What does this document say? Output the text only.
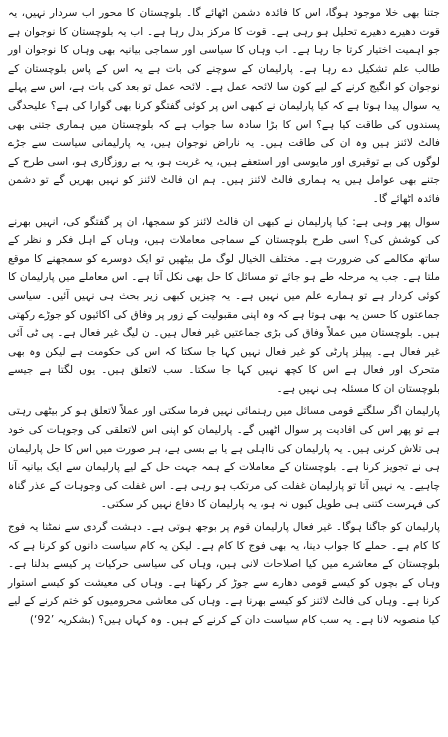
جتنا بھی خلا موجود ہوگا، اس کا فائدہ دشمن اٹھائے گا۔ بلوچستان کا محور اب سردار نہیں، یہ قوت دھیرے دھیرے تحلیل ہو رہی ہے۔ قوت کا مرکز بدل رہا ہے۔ اب یہ بلوچستان کا نوجوان ہے جو اہمیت اختیار کرتا جا رہا ہے۔ اب وہاں کا سیاسی اور سماجی بیانیہ بھی وہاں کا نوجوان اور طالب علم تشکیل دے رہا ہے۔ پارلیمان کے سوچنے کی بات ہے یہ اس کے پاس بلوچستان کے نوجوان کو انگیج کرنے کے لیے کون سا لائحہ عمل ہے۔ لائحہ عمل تو بعد کی بات ہے، اس سے پہلے یہ سوال پیدا ہوتا ہے کہ کیا پارلیمان نے کبھی اس پر کوئی گفتگو کرنا بھی گوارا کی ہے؟ علیحدگی پسندوں کی طاقت کیا ہے؟ اس کا بڑا سادہ سا جواب ہے کہ بلوچستان میں ہماری جتنی بھی فالٹ لائنز ہیں وہ ان کی طاقت ہیں۔ یہ ناراض نوجوان ہیں، یہ پارلیمانی سیاست سے جڑے لوگوں کی بے توقیری اور مایوسی اور استعفے ہیں، یہ غربت ہو، یہ بے روزگاری ہو، اسی طرح کے جتنے بھی عوامل ہیں یہ ہماری فالٹ لائنز ہیں۔ ہم ان فالٹ لائنز کو نہیں بھریں گے تو دشمن فائدہ اٹھائے گا۔

سوال پھر وہی ہے: کیا پارلیمان نے کبھی ان فالٹ لائنز کو سمجھا، ان پر گفتگو کی، انہیں بھرنے کی کوشش کی؟ اسی طرح بلوچستان کے سماجی معاملات ہیں، وہاں کے اہل فکر و نظر کے ساتھ مکالمے کی ضرورت ہے۔ مختلف الخیال لوگ مل بیٹھیں تو ایک دوسرے کو سمجھنے کا موقع ملتا ہے۔ جب یہ مرحلہ طے ہو جائے تو مسائل کا حل بھی نکل آتا ہے۔ اس معاملے میں پارلیمان کا کوئی کردار ہے تو ہمارے علم میں نہیں ہے۔ یہ چیزیں کبھی زیر بحث ہی نہیں آئیں۔ سیاسی جماعتوں کا حسن یہ بھی ہوتا ہے کہ وہ اپنی مقبولیت کے زور پر وفاق کی اکائیوں کو جوڑے رکھتی ہیں۔ بلوچستان میں عملاً وفاق کی بڑی جماعتیں غیر فعال ہیں۔ ن لیگ غیر فعال ہے۔ پی ٹی آئی غیر فعال ہے۔ پیپلز پارٹی کو غیر فعال نہیں کہا جا سکتا کہ اس کی حکومت ہے لیکن وہ بھی متحرک اور فعال ہے اس کا کچھ نہیں کہا جا سکتا۔ سب لاتعلق ہیں۔ یوں لگتا ہے جیسے بلوچستان ان کا مسئلہ ہی نہیں ہے۔

پارلیمان اگر سلگتے قومی مسائل میں رہنمائی نہیں فرما سکتی اور عملاً لاتعلق ہو کر بیٹھی رہتی ہے تو پھر اس کی افادیت پر سوال اٹھیں گے۔ پارلیمان کو اپنی اس لاتعلقی کی وجوہات کی خود ہی تلاش کرنی ہیں۔ یہ پارلیمان کی نااہلی ہے یا بے بسی ہے، ہر صورت میں اس کا حل پارلیمان ہی نے تجویز کرنا ہے۔ بلوچستان کے معاملات کے ہمہ جہت حل کے لیے پارلیمان سے ایک بیانیہ آنا چاہیے۔ یہ نہیں آتا تو پارلیمان غفلت کی مرتکب ہو رہی ہے۔ اس غفلت کی وجوہات کے عذر گناہ کی فہرست کتنی ہی طویل کیوں نہ ہو، یہ پارلیمان کا دفاع نہیں کر سکتی۔

پارلیمان کو جاگنا ہوگا۔ غیر فعال پارلیمان قوم پر بوجھ ہوتی ہے۔ دہشت گردی سے نمٹنا یہ فوج کا کام ہے۔ حملے کا جواب دینا، یہ بھی فوج کا کام ہے۔ لیکن یہ کام سیاست دانوں کو کرنا ہے کہ بلوچستان کے معاشرے میں کیا اصلاحات لانی ہیں، وہاں کی سیاسی حرکیات پر کیسے بدلنا ہے۔ وہاں کے بچوں کو کیسے قومی دھارے سے جوڑ کر رکھنا ہے۔ وہاں کی معیشت کو کیسے استوار کرنا ہے۔ وہاں کی فالٹ لائنز کو کیسے بھرنا ہے۔ وہاں کی معاشی محرومیوں کو ختم کرنے کے لیے کیا منصوبہ لانا ہے۔ یہ سب کام سیاست دان کے کرنے کے ہیں۔ وہ کہاں ہیں؟ (بشکریہ ’92‘)
